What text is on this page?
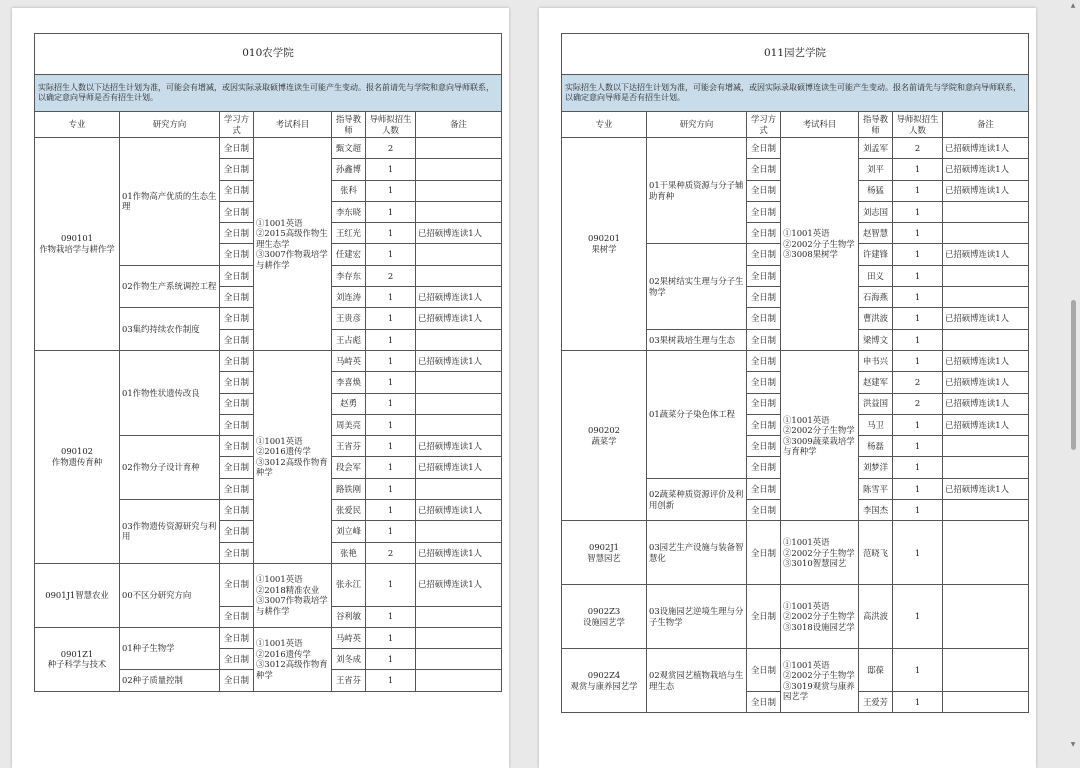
010农学院						
实际招生人数以下达招生计划为准，可能会有增减，或因实际录取硕博连读生可能产生变动。报名前请先与学院和意向导师联系，以确定意向导师是否有招生计划。						
专业	研究方向	学习方式	考试科目	指导教师	导师拟招生人数	备注
090101
作物栽培学与耕作学	01作物高产优质的生态生理	全日制	①1001英语
②2015高级作物生理生态学
③3007作物栽培学与耕作学	甄文超	2	
		全日制		孙鑫博	1	
		全日制		张科	1	
		全日制		李东晓	1	
		全日制		王红光	1	已招硕博连读1人
		全日制		任建宏	1	
	02作物生产系统调控工程	全日制		李存东	2	
		全日制		刘连涛	1	已招硕博连读1人
	03集约持续农作制度	全日制		王贵彦	1	已招硕博连读1人
		全日制		王占彪	1	
090102
作物遗传育种	01作物性状遗传改良	全日制	①1001英语
②2016遗传学
③3012高级作物育种学	马峙英	1	已招硕博连读1人
		全日制		李喜焕	1	
		全日制		赵勇	1	
		全日制		周美亮	1	
	02作物分子设计育种	全日制		王省芬	1	已招硕博连读1人
		全日制		段会军	1	已招硕博连读1人
		全日制		路铁刚	1	
	03作物遗传资源研究与利用	全日制		张爱民	1	已招硕博连读1人
		全日制		刘立峰	1	
		全日制		张艳	2	已招硕博连读1人
0901J1智慧农业	00不区分研究方向	全日制	①1001英语
②2018精准农业
③3007作物栽培学与耕作学	张永江	1	已招硕博连读1人

		全日制		谷利敏	1	
0901Z1
种子科学与技术	01种子生物学	全日制	①1001英语
②2016遗传学
③3012高级作物育种学	马峙英	1	
		全日制		刘冬成	1	
	02种子质量控制	全日制		王省芬	1	
011园艺学院						
实际招生人数以下达招生计划为准，可能会有增减，或因实际录取硕博连读生可能产生变动。报名前请先与学院和意向导师联系，以确定意向导师是否有招生计划。						
专业	研究方向	学习方式	考试科目	指导教师	导师拟招生人数	备注
090201
果树学	01干果种质资源与分子辅助育种	全日制	①1001英语
②2002分子生物学
③3008果树学	刘孟军	2	已招硕博连读1人
		全日制		刘平	1	已招硕博连读1人
		全日制		杨猛	1	已招硕博连读1人
		全日制		刘志国	1	
		全日制		赵智慧	1	
	02果树结实生理与分子生物学	全日制		许建锋	1	已招硕博连读1人
		全日制		田义	1	
		全日制		石海燕	1	
		全日制		曹洪波	1	已招硕博连读1人
	03果树栽培生理与生态	全日制		梁博文	1	
090202
蔬菜学	01蔬菜分子染色体工程	全日制	①1001英语
②2002分子生物学
③3009蔬菜栽培学与育种学	申书兴	1	已招硕博连读1人
		全日制		赵建军	2	已招硕博连读1人
		全日制		洪益国	2	已招硕博连读1人
		全日制		马卫	1	已招硕博连读1人
		全日制		杨磊	1	
		全日制		刘梦洋	1	
	02蔬菜种质资源评价及利用创新	全日制		陈雪平	1	已招硕博连读1人
		全日制		李国杰	1	
0902J1
智慧园艺	03园艺生产设施与装备智慧化	全日制	①1001英语
②2002分子生物学
③3010智慧园艺	范晓飞	1	

0902Z3
设施园艺学	03设施园艺逆境生理与分子生物学	全日制	①1001英语
②2002分子生物学
③3018设施园艺学	高洪波	1	

0902Z4
观赏与康养园艺学	02观赏园艺植物栽培与生理生态	全日制	①1001英语
②2002分子生物学
③3019观赏与康养园艺学	邸葆	1	

		全日制		王爱芳	1	
▲
▼
